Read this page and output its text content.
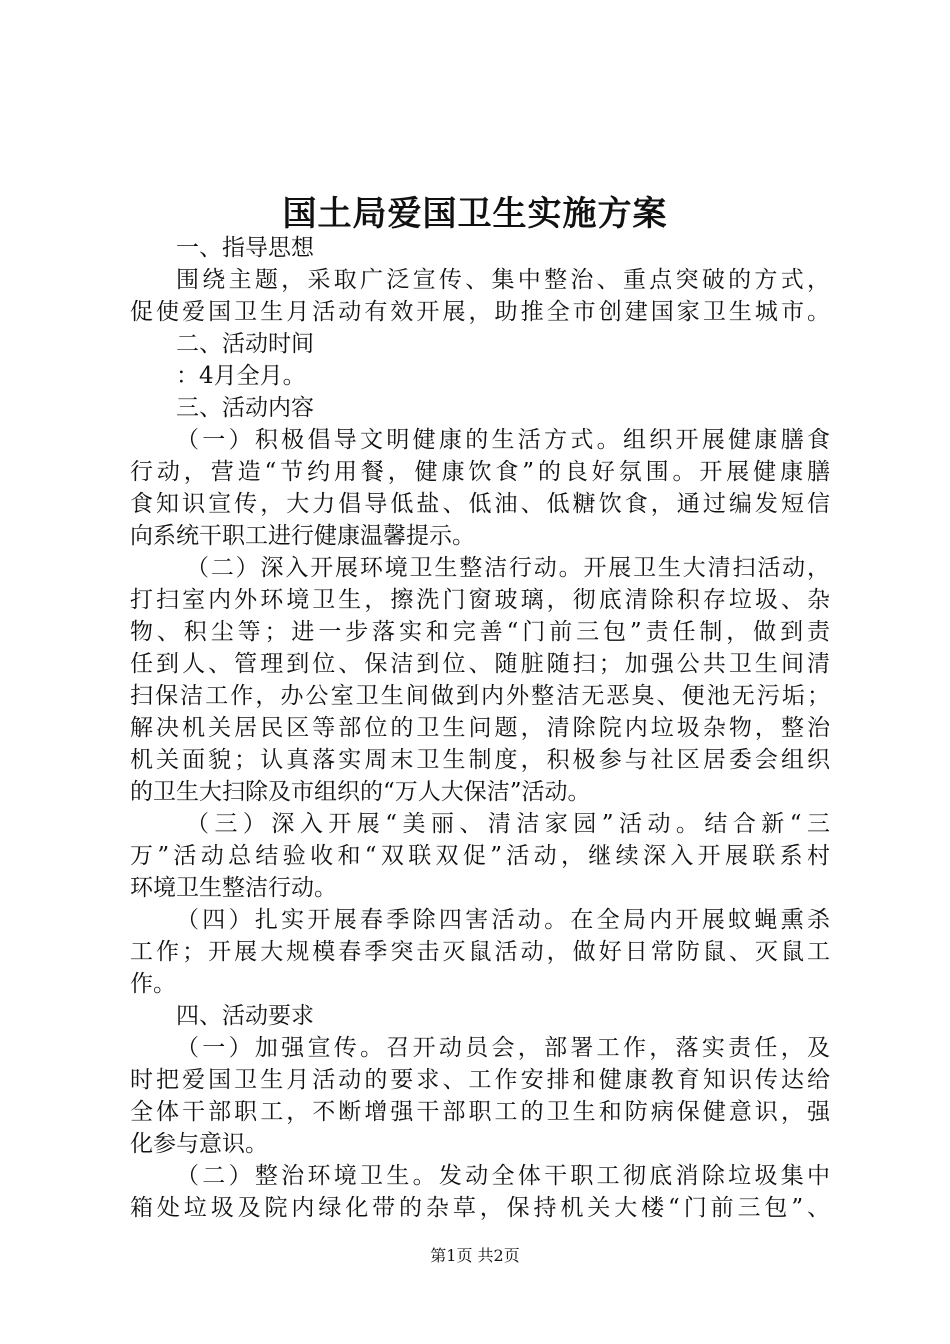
国土局爱国卫生实施方案
一、指导思想
围绕主题，采取广泛宣传、集中整治、重点突破的方式，
促使爱国卫生月活动有效开展，助推全市创建国家卫生城市。
二、活动时间
：4月全月。
三、活动内容
（一）积极倡导文明健康的生活方式。组织开展健康膳食
行动，营造“节约用餐，健康饮食”的良好氛围。开展健康膳
食知识宣传，大力倡导低盐、低油、低糖饮食，通过编发短信
向系统干职工进行健康温馨提示。
（二）深入开展环境卫生整洁行动。开展卫生大清扫活动，
打扫室内外环境卫生，擦洗门窗玻璃，彻底清除积存垃圾、杂
物、积尘等；进一步落实和完善“门前三包”责任制，做到责
任到人、管理到位、保洁到位、随脏随扫；加强公共卫生间清
扫保洁工作，办公室卫生间做到内外整洁无恶臭、便池无污垢；
解决机关居民区等部位的卫生问题，清除院内垃圾杂物，整治
机关面貌；认真落实周末卫生制度，积极参与社区居委会组织
的卫生大扫除及市组织的“万人大保洁”活动。
（三）深入开展“美丽、清洁家园”活动。结合新“三
万”活动总结验收和“双联双促”活动，继续深入开展联系村
环境卫生整洁行动。
（四）扎实开展春季除四害活动。在全局内开展蚊蝇熏杀
工作；开展大规模春季突击灭鼠活动，做好日常防鼠、灭鼠工
作。
四、活动要求
（一）加强宣传。召开动员会，部署工作，落实责任，及
时把爱国卫生月活动的要求、工作安排和健康教育知识传达给
全体干部职工，不断增强干部职工的卫生和防病保健意识，强
化参与意识。
（二）整治环境卫生。发动全体干职工彻底消除垃圾集中
箱处垃圾及院内绿化带的杂草，保持机关大楼“门前三包”、
第1页 共2页
